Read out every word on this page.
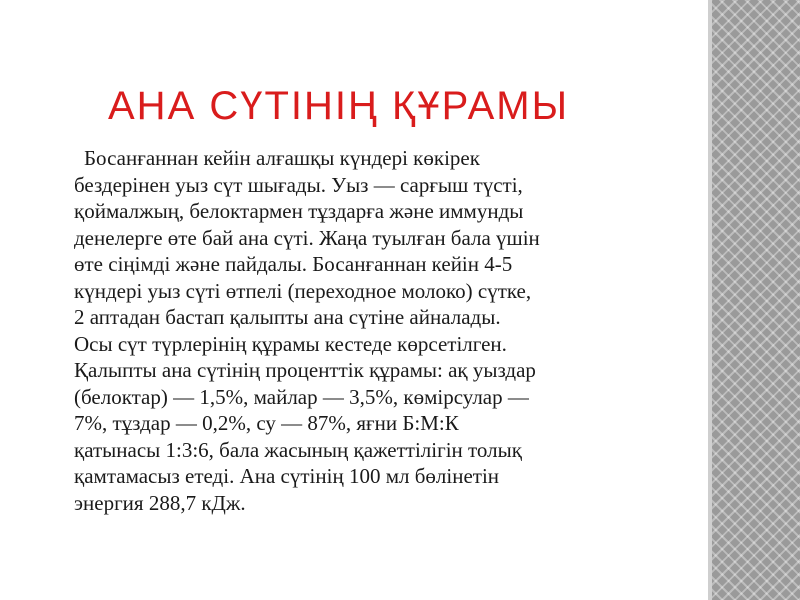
АНА СҮТІНІҢ ҚҰРАМЫ
Босанғаннан кейін алғашқы күндері көкірек
бездерінен уыз сүт шығады. Уыз — сарғыш түсті,
қоймалжың, белоктармен тұздарға және иммунды
денелерге өте бай ана сүті. Жаңа туылған бала үшін
өте сіңімді және пайдалы. Босанғаннан кейін 4-5
күндері уыз сүті өтпелі (переходное молоко) сүтке,
2 аптадан бастап қалыпты ана сүтіне айналады.
Осы сүт түрлерінің құрамы кестеде көрсетілген.
Қалыпты ана сүтінің проценттік құрамы: ақ уыздар
(белоктар) — 1,5%, майлар — 3,5%, көмірсулар —
7%, тұздар — 0,2%, су — 87%, яғни Б:М:К
қатынасы 1:3:6, бала жасының қажеттілігін толық
қамтамасыз етеді. Ана сүтінің 100 мл бөлінетін
энергия 288,7 кДж.
